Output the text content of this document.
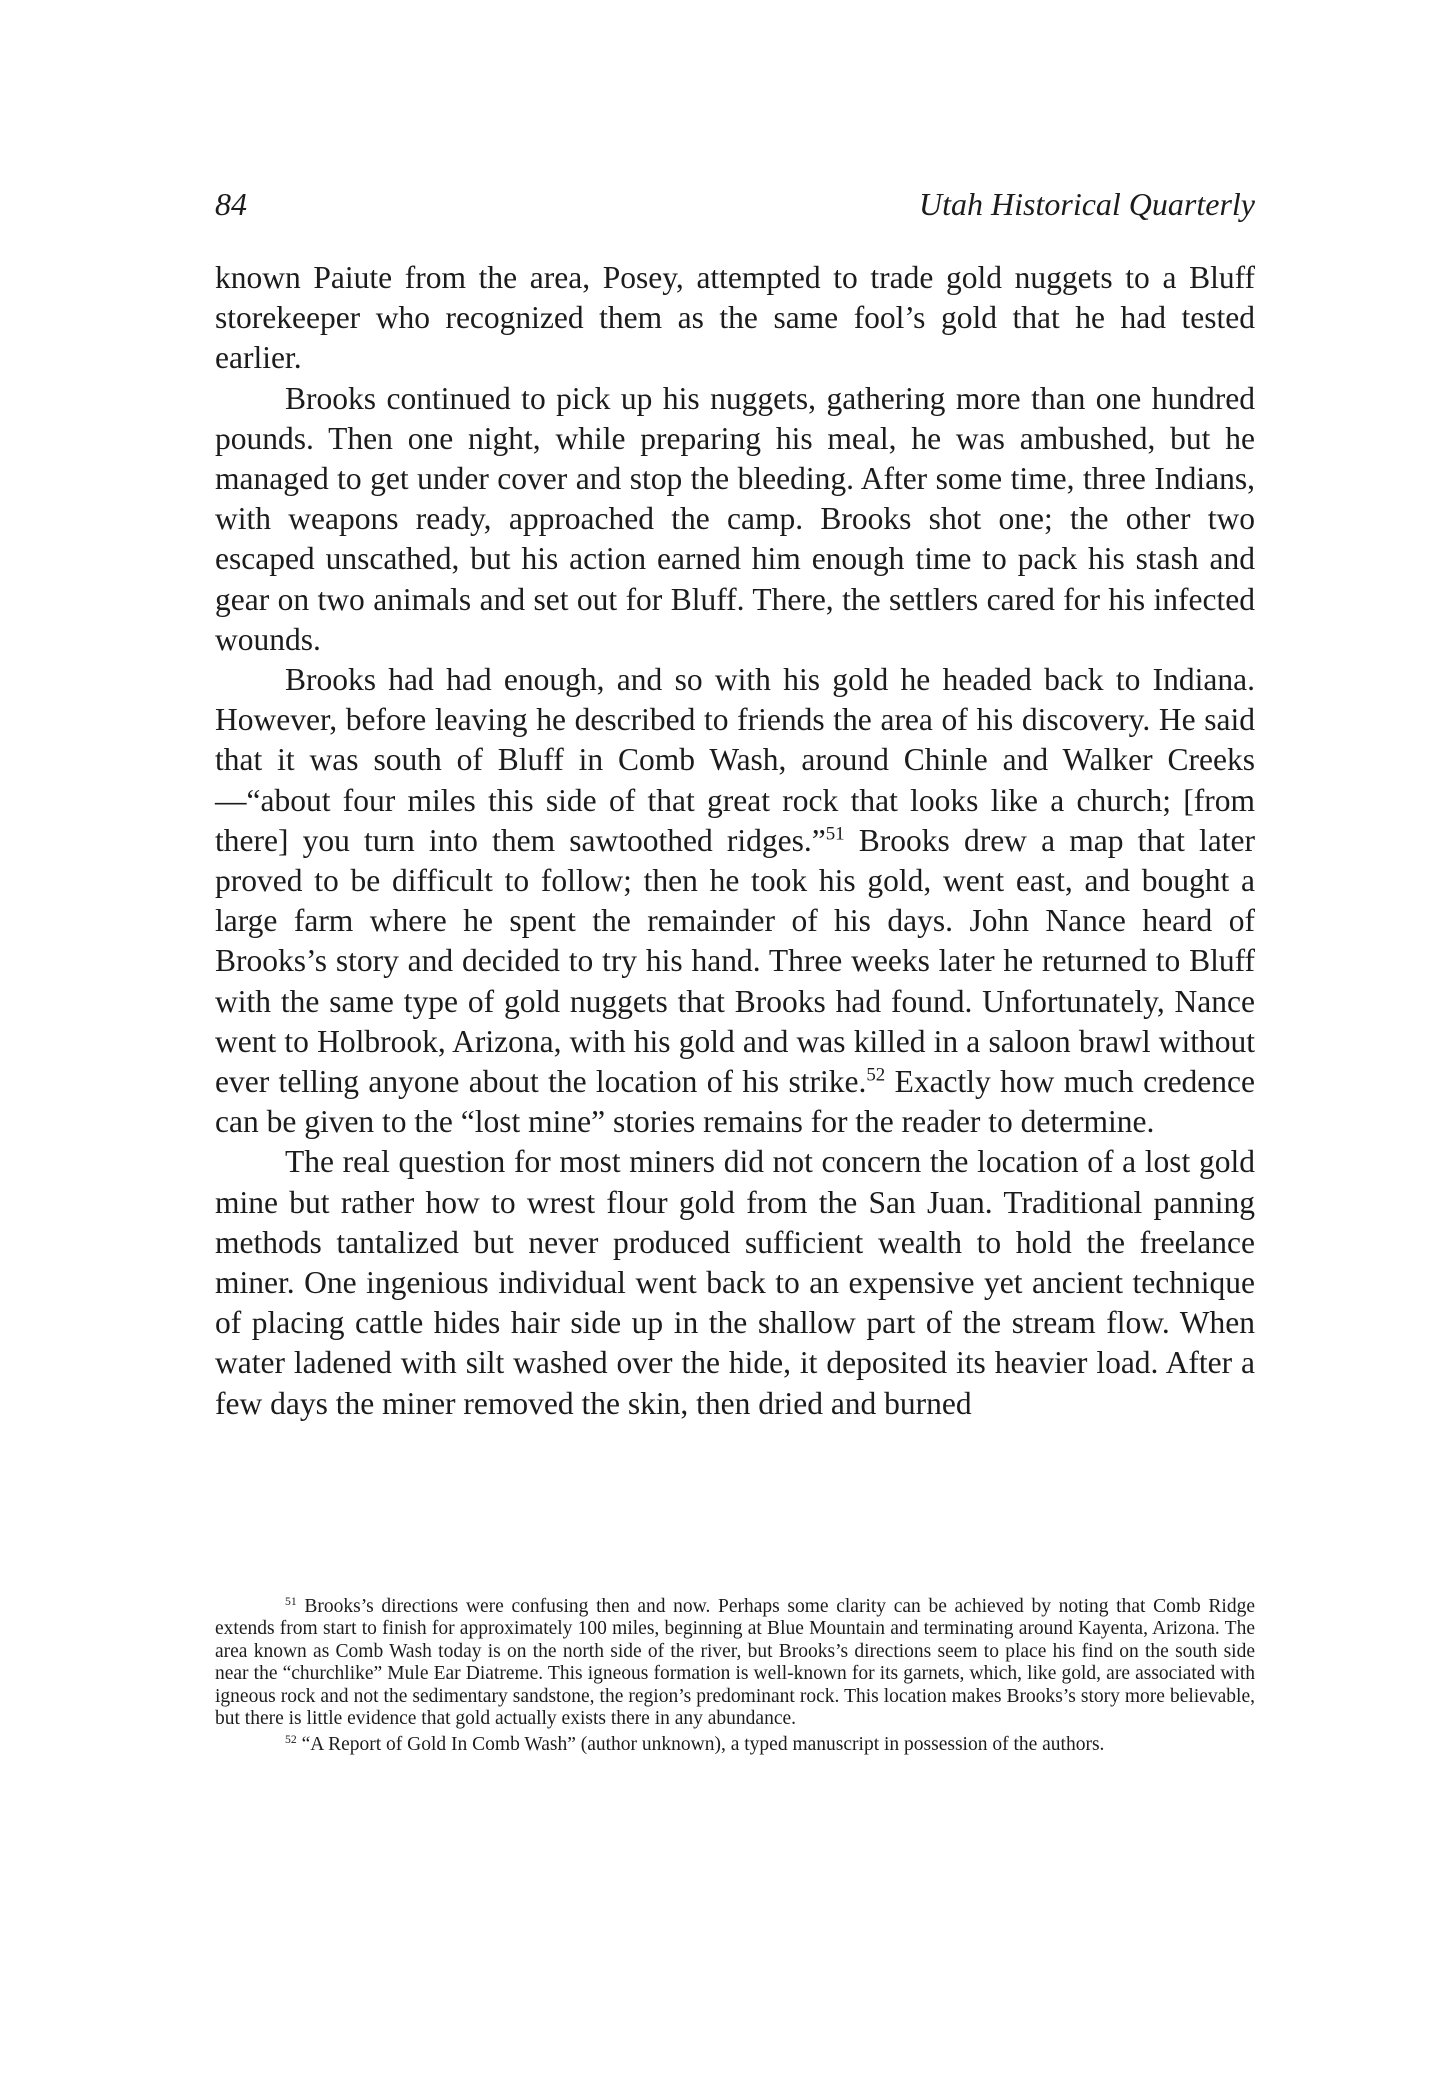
84	Utah Historical Quarterly

known Paiute from the area, Posey, attempted to trade gold nuggets to a Bluff storekeeper who recognized them as the same fool’s gold that he had tested earlier.

Brooks continued to pick up his nuggets, gathering more than one hundred pounds. Then one night, while preparing his meal, he was ambushed, but he managed to get under cover and stop the bleeding. After some time, three Indians, with weapons ready, approached the camp. Brooks shot one; the other two escaped unscathed, but his action earned him enough time to pack his stash and gear on two animals and set out for Bluff. There, the settlers cared for his infected wounds.

Brooks had had enough, and so with his gold he headed back to Indiana. However, before leaving he described to friends the area of his discovery. He said that it was south of Bluff in Comb Wash, around Chinle and Walker Creeks—“about four miles this side of that great rock that looks like a church; [from there] you turn into them sawtoothed ridges.”$^{51}$ Brooks drew a map that later proved to be difficult to follow; then he took his gold, went east, and bought a large farm where he spent the remainder of his days. John Nance heard of Brooks’s story and decided to try his hand. Three weeks later he returned to Bluff with the same type of gold nuggets that Brooks had found. Unfortunately, Nance went to Holbrook, Arizona, with his gold and was killed in a saloon brawl without ever telling anyone about the location of his strike.$^{52}$ Exactly how much credence can be given to the “lost mine” stories remains for the reader to determine.

The real question for most miners did not concern the location of a lost gold mine but rather how to wrest flour gold from the San Juan. Traditional panning methods tantalized but never produced sufficient wealth to hold the freelance miner. One ingenious individual went back to an expensive yet ancient technique of placing cattle hides hair side up in the shallow part of the stream flow. When water ladened with silt washed over the hide, it deposited its heavier load. After a few days the miner removed the skin, then dried and burned

$^{51}$ Brooks’s directions were confusing then and now. Perhaps some clarity can be achieved by noting that Comb Ridge extends from start to finish for approximately 100 miles, beginning at Blue Mountain and terminating around Kayenta, Arizona. The area known as Comb Wash today is on the north side of the river, but Brooks’s directions seem to place his find on the south side near the “churchlike” Mule Ear Diatreme. This igneous formation is well-known for its garnets, which, like gold, are associated with igneous rock and not the sedimentary sandstone, the region’s predominant rock. This location makes Brooks’s story more believable, but there is little evidence that gold actually exists there in any abundance.

$^{52}$ “A Report of Gold In Comb Wash” (author unknown), a typed manuscript in possession of the authors.
